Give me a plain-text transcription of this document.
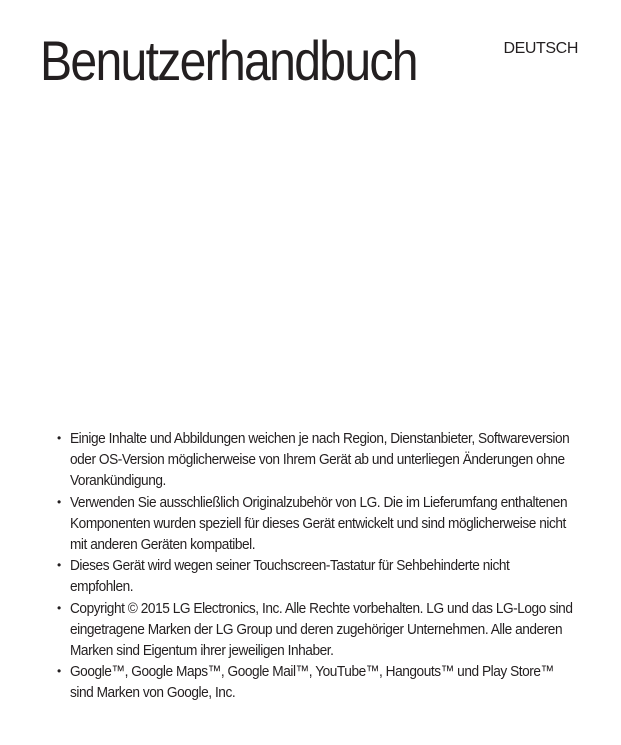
Benutzerhandbuch	DEUTSCH
• Einige Inhalte und Abbildungen weichen je nach Region, Dienstanbieter, Softwareversion oder OS-Version möglicherweise von Ihrem Gerät ab und unterliegen Änderungen ohne Vorankündigung.
• Verwenden Sie ausschließlich Originalzubehör von LG. Die im Lieferumfang enthaltenen Komponenten wurden speziell für dieses Gerät entwickelt und sind möglicherweise nicht mit anderen Geräten kompatibel.
• Dieses Gerät wird wegen seiner Touchscreen-Tastatur für Sehbehinderte nicht empfohlen.
• Copyright © 2015 LG Electronics, Inc. Alle Rechte vorbehalten. LG und das LG-Logo sind eingetragene Marken der LG Group und deren zugehöriger Unternehmen. Alle anderen Marken sind Eigentum ihrer jeweiligen Inhaber.
• Google™, Google Maps™, Google Mail™, YouTube™, Hangouts™ und Play Store™ sind Marken von Google, Inc.
